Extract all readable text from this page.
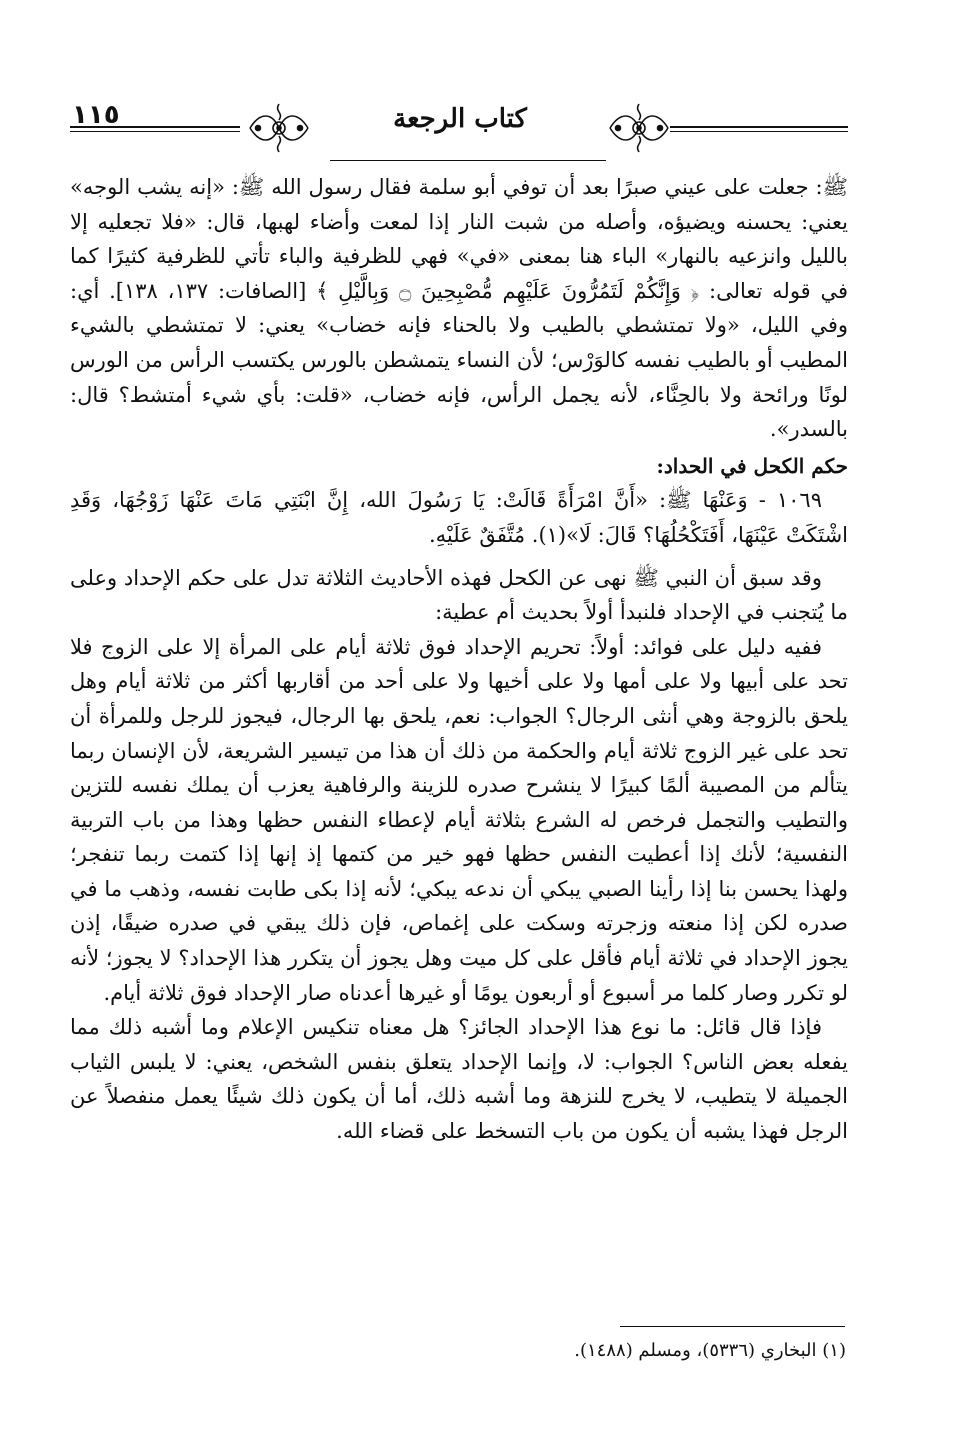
١١٥	كتاب الرجعة

ﷺ: جعلت على عيني صبرًا بعد أن توفي أبو سلمة فقال رسول الله ﷺ: «إنه يشب الوجه» يعني: يحسنه ويضيؤه، وأصله من شبت النار إذا لمعت وأضاء لهبها، قال: «فلا تجعليه إلا بالليل وانزعيه بالنهار» الباء هنا بمعنى «في» فهي للظرفية والباء تأتي للظرفية كثيرًا كما في قوله تعالى: ﴿ وَإِنَّكُمْ لَتَمُرُّونَ عَلَيْهِم مُّصْبِحِينَ ۝ وَبِالَّيْلِ ﴾ [الصافات: ١٣٧، ١٣٨]. أي: وفي الليل، «ولا تمتشطي بالطيب ولا بالحناء فإنه خضاب» يعني: لا تمتشطي بالشيء المطيب أو بالطيب نفسه كالوَرْس؛ لأن النساء يتمشطن بالورس يكتسب الرأس من الورس لونًا ورائحة ولا بالحِنَّاء، لأنه يجمل الرأس، فإنه خضاب، «قلت: بأي شيء أمتشط؟ قال: بالسدر».

حكم الكحل في الحداد:

١٠٦٩ - وَعَنْهَا ﷺ: «أَنَّ امْرَأَةً قَالَتْ: يَا رَسُولَ الله، إِنَّ ابْنَتِي مَاتَ عَنْهَا زَوْجُهَا، وَقَدِ اشْتَكَتْ عَيْنَهَا، أَفَتَكْحُلُهَا؟ قَالَ: لَا»(١). مُتَّفَقٌ عَلَيْهِ.

وقد سبق أن النبي ﷺ نهى عن الكحل فهذه الأحاديث الثلاثة تدل على حكم الإحداد وعلى ما يُتجنب في الإحداد فلنبدأ أولاً بحديث أم عطية:

ففيه دليل على فوائد: أولاً: تحريم الإحداد فوق ثلاثة أيام على المرأة إلا على الزوج فلا تحد على أبيها ولا على أمها ولا على أخيها ولا على أحد من أقاربها أكثر من ثلاثة أيام وهل يلحق بالزوجة وهي أنثى الرجال؟ الجواب: نعم، يلحق بها الرجال، فيجوز للرجل وللمرأة أن تحد على غير الزوج ثلاثة أيام والحكمة من ذلك أن هذا من تيسير الشريعة، لأن الإنسان ربما يتألم من المصيبة ألمًا كبيرًا لا ينشرح صدره للزينة والرفاهية يعزب أن يملك نفسه للتزين والتطيب والتجمل فرخص له الشرع بثلاثة أيام لإعطاء النفس حظها وهذا من باب التربية النفسية؛ لأنك إذا أعطيت النفس حظها فهو خير من كتمها إذ إنها إذا كتمت ربما تنفجر؛ ولهذا يحسن بنا إذا رأينا الصبي يبكي أن ندعه يبكي؛ لأنه إذا بكى طابت نفسه، وذهب ما في صدره لكن إذا منعته وزجرته وسكت على إغماص، فإن ذلك يبقي في صدره ضيقًا، إذن يجوز الإحداد في ثلاثة أيام فأقل على كل ميت وهل يجوز أن يتكرر هذا الإحداد؟ لا يجوز؛ لأنه لو تكرر وصار كلما مر أسبوع أو أربعون يومًا أو غيرها أعدناه صار الإحداد فوق ثلاثة أيام.

فإذا قال قائل: ما نوع هذا الإحداد الجائز؟ هل معناه تنكيس الإعلام وما أشبه ذلك مما يفعله بعض الناس؟ الجواب: لا، وإنما الإحداد يتعلق بنفس الشخص، يعني: لا يلبس الثياب الجميلة لا يتطيب، لا يخرج للنزهة وما أشبه ذلك، أما أن يكون ذلك شيئًا يعمل منفصلاً عن الرجل فهذا يشبه أن يكون من باب التسخط على قضاء الله.

(١) البخاري (٥٣٣٦)، ومسلم (١٤٨٨).
